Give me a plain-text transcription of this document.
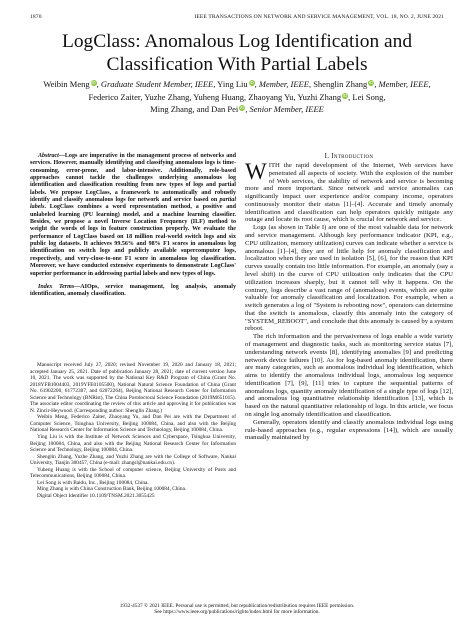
1870	IEEE TRANSACTIONS ON NETWORK AND SERVICE MANAGEMENT, VOL. 18, NO. 2, JUNE 2021
LogClass: Anomalous Log Identification and Classification With Partial Labels
Weibin Meng iD, Graduate Student Member, IEEE, Ying Liu iD, Member, IEEE, Shenglin Zhang iD, Member, IEEE,
Federico Zaiter, Yuzhe Zhang, Yuheng Huang, Zhaoyang Yu, Yuzhi Zhang iD, Lei Song,
Ming Zhang, and Dan Pei iD, Senior Member, IEEE

Abstract—Logs are imperative in the management process of networks and services. However, manually identifying and classifying anomalous logs is time-consuming, error-prone, and labor-intensive. Additionally, role-based approaches cannot tackle the challenges underlying anomalous log identification and classification resulting from new types of logs and partial labels. We propose LogClass, a framework to automatically and robustly identify and classify anomalous logs for network and service based on partial labels. LogClass combines a word representation method, a positive and unlabeled learning (PU learning) model, and a machine learning classifier. Besides, we propose a novel Inverse Location Frequency (ILF) method to weight the words of logs in feature construction properly. We evaluate the performance of LogClass based on 18 million real-world switch logs and six public log datasets. It achieves 99.56% and 98% F1 scores in anomalous log identification on switch logs and publicly available supercomputer logs, respectively, and very-close-to-one F1 score in anomalous log classification. Moreover, we have conducted extensive experiments to demonstrate LogClass' superior performance in addressing partial labels and new types of logs.

Index Terms—AIOps, service management, log analysis, anomaly identification, anomaly classification.

Manuscript received July 27, 2020; revised November 19, 2020 and January 18, 2021; accepted January 25, 2021. Date of publication January 28, 2021; date of current version June 10, 2021. The work was supported by the National Key R&D Program of China (Grant No. 2018YFB1004403, 2019YFE0105500), National Natural Science Foundation of China (Grant No. 61902200, 61772307, and 62072264), Beijing National Research Center for Information Science and Technology (BNRist), The China Postdoctoral Science Foundation (2019M651015). The associate editor coordinating the review of this article and approving it for publication was N. Zincir-Heywood. (Corresponding author: Shenglin Zhang.)

Weibin Meng, Federico Zaiter, Zhaoyang Yu, and Dan Pei are with the Department of Computer Science, Tsinghua University, Beijing 100084, China, and also with the Beijing National Research Center for Information Science and Technology, Beijing 100084, China.

Ying Liu is with the Institute of Network Sciences and Cyberspace, Tsinghua University, Beijing 100084, China, and also with the Beijing National Research Center for Information Science and Technology, Beijing 100084, China.

Shenglin Zhang, Yuzhe Zhang, and Yuzhi Zhang are with the College of Software, Nankai University, Tianjin 300457, China (e-mail: zhangsl@nankai.edu.cn).

Yuheng Huang is with the School of computer science, Beijing University of Posts and Telecommunications, Beijing 100084, China.

Lei Song is with Baidu, Inc., Beijing 100084, China.

Ming Zhang is with China Construction Bank, Beijing 100084, China.

Digital Object Identifier 10.1109/TNSM.2021.3055425

I. Introduction

WITH the rapid development of the Internet, Web services have penetrated all aspects of society. With the explosion of the number of Web services, the stability of network and service is becoming more and more important. Since network and service anomalies can significantly impact user experience and/or company income, operators continuously monitor their status [1]–[4]. Accurate and timely anomaly identification and classification can help operators quickly mitigate any outage and locate its root cause, which is crucial for network and service.

Logs (as shown in Table I) are one of the most valuable data for network and service management. Although key performance indicator (KPI, e.g., CPU utilization, memory utilization) curves can indicate whether a service is anomalous [1]–[4], they are of little help for anomaly classification and localization when they are used in isolation [5], [6], for the reason that KPI curves usually contain too little information. For example, an anomaly (say a level shift) in the curve of CPU utilization only indicates that the CPU utilization increases sharply, but it cannot tell why it happens. On the contrary, logs describe a vast range of (anomalous) events, which are quite valuable for anomaly classification and localization. For example, when a switch generates a log of "System is rebooting now", operators can determine that the switch is anomalous, classify this anomaly into the category of "SYSTEM_REBOOT", and conclude that this anomaly is caused by a system reboot.

The rich information and the pervasiveness of logs enable a wide variety of management and diagnostic tasks, such as monitoring service status [7], understanding network events [8], identifying anomalies [9] and predicting network device failures [10]. As for log-based anomaly identification, there are many categories, such as anomalous individual log identification, which aims to identify the anomalous individual logs, anomalous log sequence identification [7], [9], [11] tries to capture the sequential patterns of anomalous logs, quantity anomaly identification of a single type of logs [12], and anomalous log quantitative relationship identification [13], which is based on the natural quantitative relationship of logs. In this article, we focus on single log anomaly identification and classification.

Generally, operators identify and classify anomalous individual logs using rule-based approaches (e.g., regular expressions [14]), which are usually manually maintained by

1932-4537 © 2021 IEEE. Personal use is permitted, but republication/redistribution requires IEEE permission.
See https://www.ieee.org/publications/rights/index.html for more information.
